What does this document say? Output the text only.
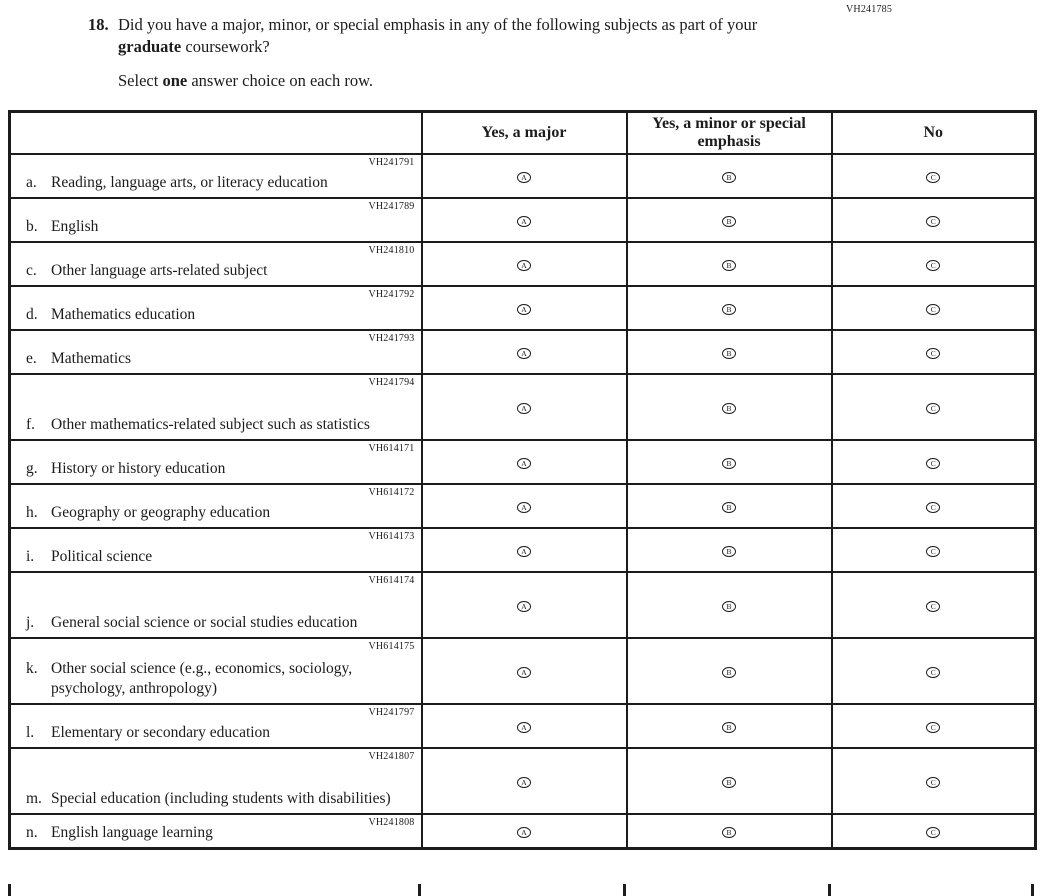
VH241785
18. Did you have a major, minor, or special emphasis in any of the following subjects as part of your graduate coursework?
Select one answer choice on each row.
	Yes, a major	Yes, a minor or special emphasis	No

VH241791
a. Reading, language arts, or literacy education	A	B	C

VH241789
b. English	A	B	C

VH241810
c. Other language arts-related subject	A	B	C

VH241792
d. Mathematics education	A	B	C

VH241793
e. Mathematics	A	B	C

VH241794
f. Other mathematics-related subject such as statistics	A	B	C

VH614171
g. History or history education	A	B	C

VH614172
h. Geography or geography education	A	B	C

VH614173
i. Political science	A	B	C

VH614174
j. General social science or social studies education	A	B	C

VH614175
k. Other social science (e.g., economics, sociology, psychology, anthropology)	A	B	C

VH241797
l. Elementary or secondary education	A	B	C

VH241807
m. Special education (including students with disabilities)	A	B	C

VH241808
n. English language learning	A	B	C
